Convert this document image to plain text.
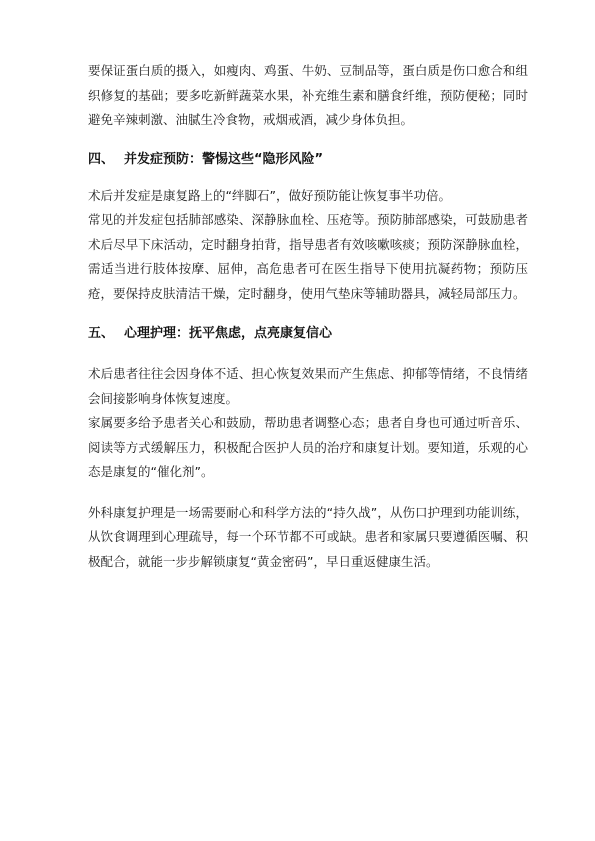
要保证蛋白质的摄入，如瘦肉、鸡蛋、牛奶、豆制品等，蛋白质是伤口愈合和组织修复的基础；要多吃新鲜蔬菜水果，补充维生素和膳食纤维，预防便秘；同时避免辛辣刺激、油腻生冷食物，戒烟戒酒，减少身体负担。

四、 并发症预防：警惕这些“隐形风险”

术后并发症是康复路上的“绊脚石”，做好预防能让恢复事半功倍。

常见的并发症包括肺部感染、深静脉血栓、压疮等。预防肺部感染，可鼓励患者术后尽早下床活动，定时翻身拍背，指导患者有效咳嗽咳痰；预防深静脉血栓，需适当进行肢体按摩、屈伸，高危患者可在医生指导下使用抗凝药物；预防压疮，要保持皮肤清洁干燥，定时翻身，使用气垫床等辅助器具，减轻局部压力。

五、 心理护理：抚平焦虑，点亮康复信心

术后患者往往会因身体不适、担心恢复效果而产生焦虑、抑郁等情绪，不良情绪会间接影响身体恢复速度。

家属要多给予患者关心和鼓励，帮助患者调整心态；患者自身也可通过听音乐、阅读等方式缓解压力，积极配合医护人员的治疗和康复计划。要知道，乐观的心态是康复的“催化剂”。

外科康复护理是一场需要耐心和科学方法的“持久战”，从伤口护理到功能训练，从饮食调理到心理疏导，每一个环节都不可或缺。患者和家属只要遵循医嘱、积极配合，就能一步步解锁康复“黄金密码”，早日重返健康生活。
